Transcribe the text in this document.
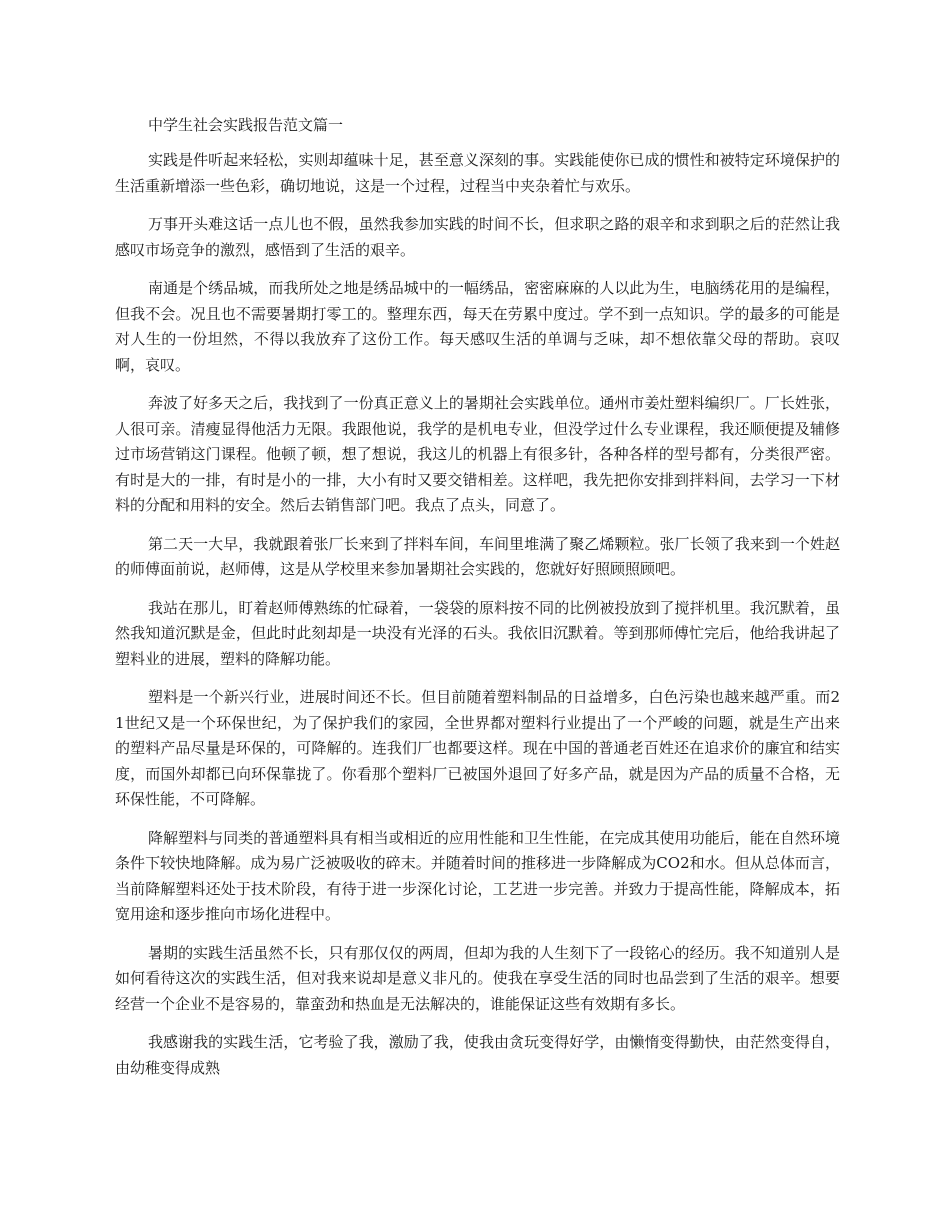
中学生社会实践报告范文篇一

实践是件听起来轻松，实则却蕴味十足，甚至意义深刻的事。实践能使你已成的惯性和被特定环境保护的生活重新增添一些色彩，确切地说，这是一个过程，过程当中夹杂着忙与欢乐。

万事开头难这话一点儿也不假，虽然我参加实践的时间不长，但求职之路的艰辛和求到职之后的茫然让我感叹市场竞争的激烈，感悟到了生活的艰辛。

南通是个绣品城，而我所处之地是绣品城中的一幅绣品，密密麻麻的人以此为生，电脑绣花用的是编程，但我不会。况且也不需要暑期打零工的。整理东西，每天在劳累中度过。学不到一点知识。学的最多的可能是对人生的一份坦然，不得以我放弃了这份工作。每天感叹生活的单调与乏味，却不想依靠父母的帮助。哀叹啊，哀叹。

奔波了好多天之后，我找到了一份真正意义上的暑期社会实践单位。通州市姜灶塑料编织厂。厂长姓张，人很可亲。清瘦显得他活力无限。我跟他说，我学的是机电专业，但没学过什么专业课程，我还顺便提及辅修过市场营销这门课程。他顿了顿，想了想说，我这儿的机器上有很多针，各种各样的型号都有，分类很严密。有时是大的一排，有时是小的一排，大小有时又要交错相差。这样吧，我先把你安排到拌料间，去学习一下材料的分配和用料的安全。然后去销售部门吧。我点了点头，同意了。

第二天一大早，我就跟着张厂长来到了拌料车间，车间里堆满了聚乙烯颗粒。张厂长领了我来到一个姓赵的师傅面前说，赵师傅，这是从学校里来参加暑期社会实践的，您就好好照顾照顾吧。

我站在那儿，盯着赵师傅熟练的忙碌着，一袋袋的原料按不同的比例被投放到了搅拌机里。我沉默着，虽然我知道沉默是金，但此时此刻却是一块没有光泽的石头。我依旧沉默着。等到那师傅忙完后，他给我讲起了塑料业的进展，塑料的降解功能。

塑料是一个新兴行业，进展时间还不长。但目前随着塑料制品的日益增多，白色污染也越来越严重。而21世纪又是一个环保世纪，为了保护我们的家园，全世界都对塑料行业提出了一个严峻的问题，就是生产出来的塑料产品尽量是环保的，可降解的。连我们厂也都要这样。现在中国的普通老百姓还在追求价的廉宜和结实度，而国外却都已向环保靠拢了。你看那个塑料厂已被国外退回了好多产品，就是因为产品的质量不合格，无环保性能，不可降解。

降解塑料与同类的普通塑料具有相当或相近的应用性能和卫生性能，在完成其使用功能后，能在自然环境条件下较快地降解。成为易广泛被吸收的碎末。并随着时间的推移进一步降解成为CO2和水。但从总体而言，当前降解塑料还处于技术阶段，有待于进一步深化讨论，工艺进一步完善。并致力于提高性能，降解成本，拓宽用途和逐步推向市场化进程中。

暑期的实践生活虽然不长，只有那仅仅的两周，但却为我的人生刻下了一段铭心的经历。我不知道别人是如何看待这次的实践生活，但对我来说却是意义非凡的。使我在享受生活的同时也品尝到了生活的艰辛。想要经营一个企业不是容易的，靠蛮劲和热血是无法解决的，谁能保证这些有效期有多长。

我感谢我的实践生活，它考验了我，激励了我，使我由贪玩变得好学，由懒惰变得勤快，由茫然变得自，由幼稚变得成熟
